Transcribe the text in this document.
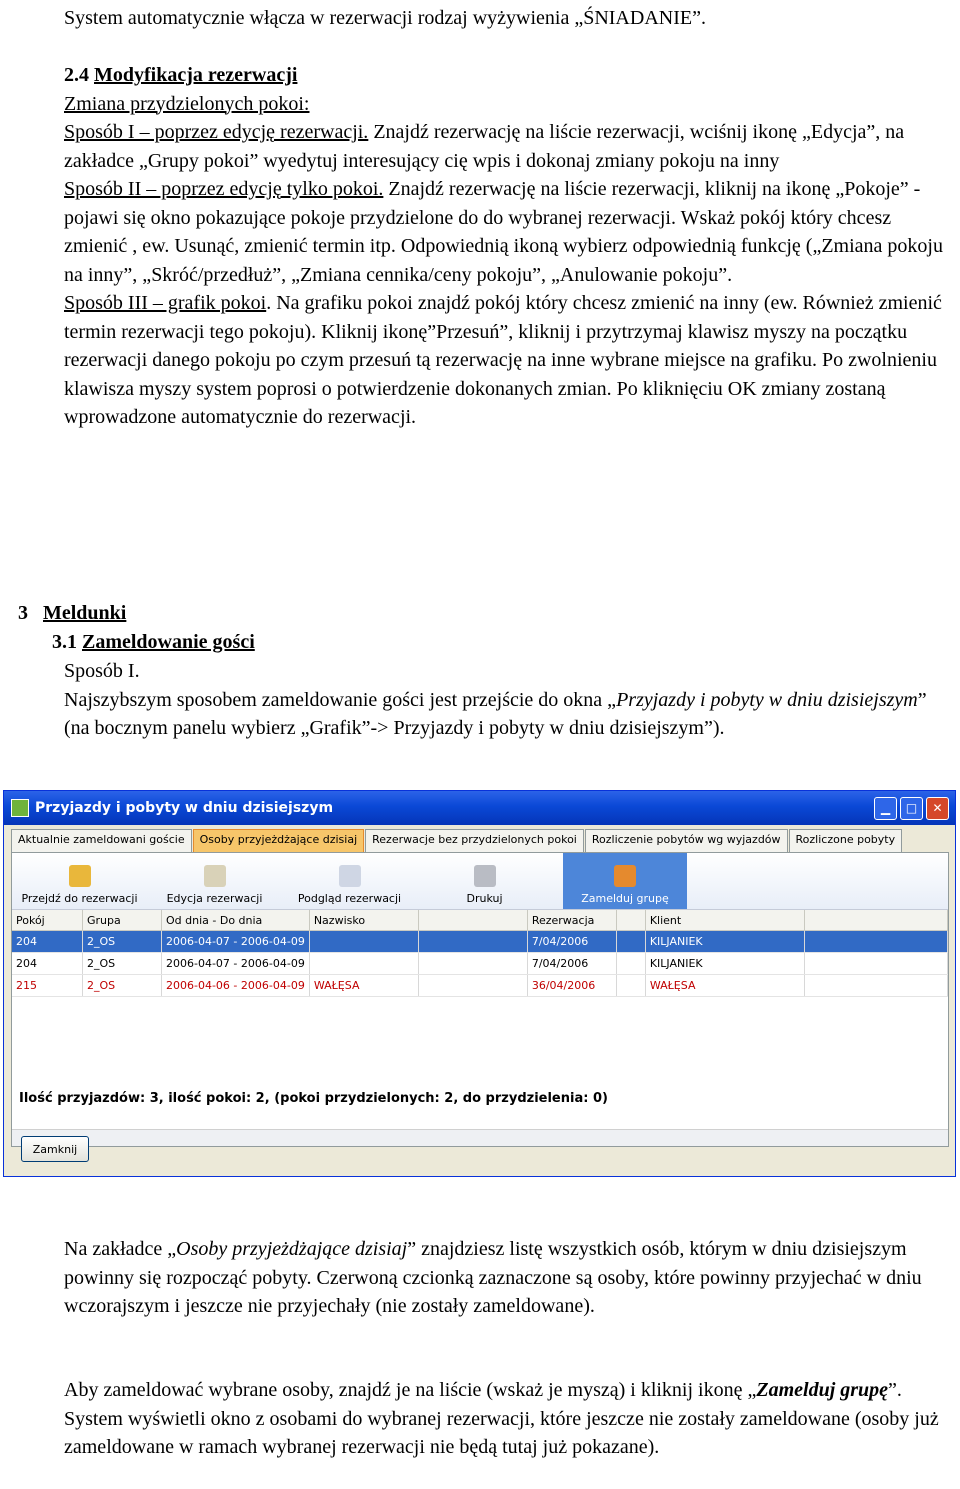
System automatycznie włącza w rezerwacji rodzaj wyżywienia „ŚNIADANIE”.

2.4 Modyfikacja rezerwacji
Zmiana przydzielonych pokoi:

Sposób I – poprzez edycję rezerwacji. Znajdź rezerwację na liście rezerwacji, wciśnij ikonę „Edycja”, na zakładce „Grupy pokoi” wyedytuj interesujący cię wpis i dokonaj zmiany pokoju na inny
Sposób II – poprzez edycję tylko pokoi. Znajdź rezerwację na liście rezerwacji, kliknij na ikonę „Pokoje” - pojawi się okno pokazujące pokoje przydzielone do do wybranej rezerwacji. Wskaż pokój który chcesz zmienić , ew. Usunąć, zmienić termin itp. Odpowiednią ikoną wybierz odpowiednią funkcję („Zmiana pokoju na inny”, „Skróć/przedłuż”, „Zmiana cennika/ceny pokoju”, „Anulowanie pokoju”.
Sposób III – grafik pokoi. Na grafiku pokoi znajdź pokój który chcesz zmienić na inny (ew. Również zmienić termin rezerwacji tego pokoju). Kliknij ikonę”Przesuń”, kliknij i przytrzymaj klawisz myszy na początku rezerwacji danego pokoju po czym przesuń tą rezerwację na inne wybrane miejsce na grafiku. Po zwolnieniu klawisza myszy system poprosi o potwierdzenie dokonanych zmian. Po kliknięciu OK zmiany zostaną wprowadzone automatycznie do rezerwacji.

3 Meldunki

3.1 Zameldowanie gości

Sposób I.
Najszybszym sposobem zameldowanie gości jest przejście do okna „Przyjazdy i pobyty w dniu dzisiejszym” (na bocznym panelu wybierz „Grafik”-> Przyjazdy i pobyty w dniu dzisiejszym”).

Przyjazdy i pobyty w dniu dzisiejszym	▁	□	✕
Aktualnie zameldowani goście	Osoby przyjeżdżające dzisiaj	Rezerwacje bez przydzielonych pokoi	Rozliczenie pobytów wg wyjazdów	Rozliczone pobyty
Przejdź do rezerwacji	Edycja rezerwacji	Podgląd rezerwacji	Drukuj	Zamelduj grupę
Pokój	Grupa	Od dnia - Do dnia	Nazwisko		Rezerwacja		Klient	
204	2_OS	2006-04-07 - 2006-04-09			7/04/2006		KILJANIEK	
204	2_OS	2006-04-07 - 2006-04-09			7/04/2006		KILJANIEK	
215	2_OS	2006-04-06 - 2006-04-09	WAŁĘSA		36/04/2006		WAŁĘSA	
Ilość przyjazdów: 3, ilość pokoi: 2, (pokoi przydzielonych: 2, do przydzielenia: 0)
Zamknij

Na zakładce „Osoby przyjeżdżające dzisiaj” znajdziesz listę wszystkich osób, którym w dniu dzisiejszym powinny się rozpocząć pobyty. Czerwoną czcionką zaznaczone są osoby, które powinny przyjechać w dniu wczorajszym i jeszcze nie przyjechały (nie zostały zameldowane).

Aby zameldować wybrane osoby, znajdź je na liście (wskaż je myszą) i kliknij ikonę „Zamelduj grupę”. System wyświetli okno z osobami do wybranej rezerwacji, które jeszcze nie zostały zameldowane (osoby już zameldowane w ramach wybranej rezerwacji nie będą tutaj już pokazane).
